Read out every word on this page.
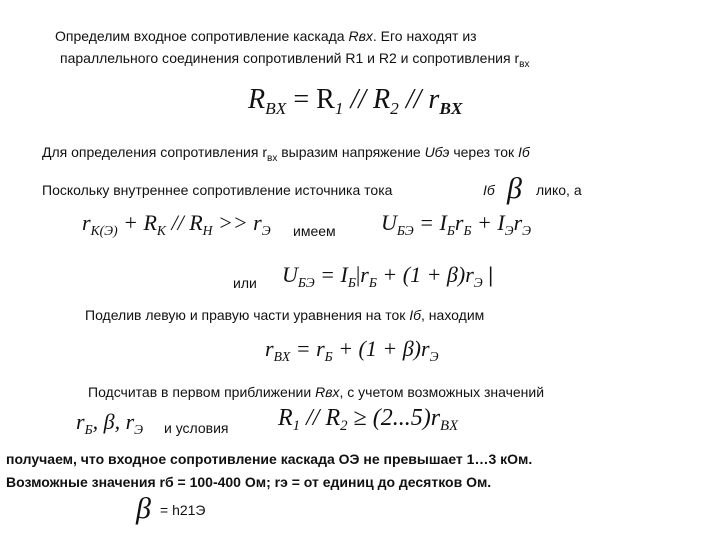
Определим входное сопротивление каскада Rвх. Его находят из
параллельного соединения сопротивлений R1 и R2 и сопротивления $r_{вх}$
$R_{BX} = R_1 // R_2 // r_{BX}$
Для определения сопротивления $r_{вх}$ выразим напряжение Uбэ через ток Iб
Поскольку внутреннее сопротивление источника тока	Iб β лико, а
$r_{К(Э)} + R_К // R_Н >> r_Э$ имеем $U_{БЭ} = I_Бr_Б + I_Эr_Э$
или $U_{БЭ} = I_Б|r_Б + (1 + \beta)r_Э$ |
Поделив левую и правую части уравнения на ток Iб, находим
$r_{BX} = r_Б + (1 + \beta)r_Э$
Подсчитав в первом приближении Rвх, с учетом возможных значений
$r_Б$, β, $r_Э$ и условия $R_1 // R_2 \ge (2...5)r_{BX}$
получаем, что входное сопротивление каскада ОЭ не превышает 1…3 кОм.
Возможные значения rб = 100-400 Ом; rэ = от единиц до десятков Ом.
β = h21Э
